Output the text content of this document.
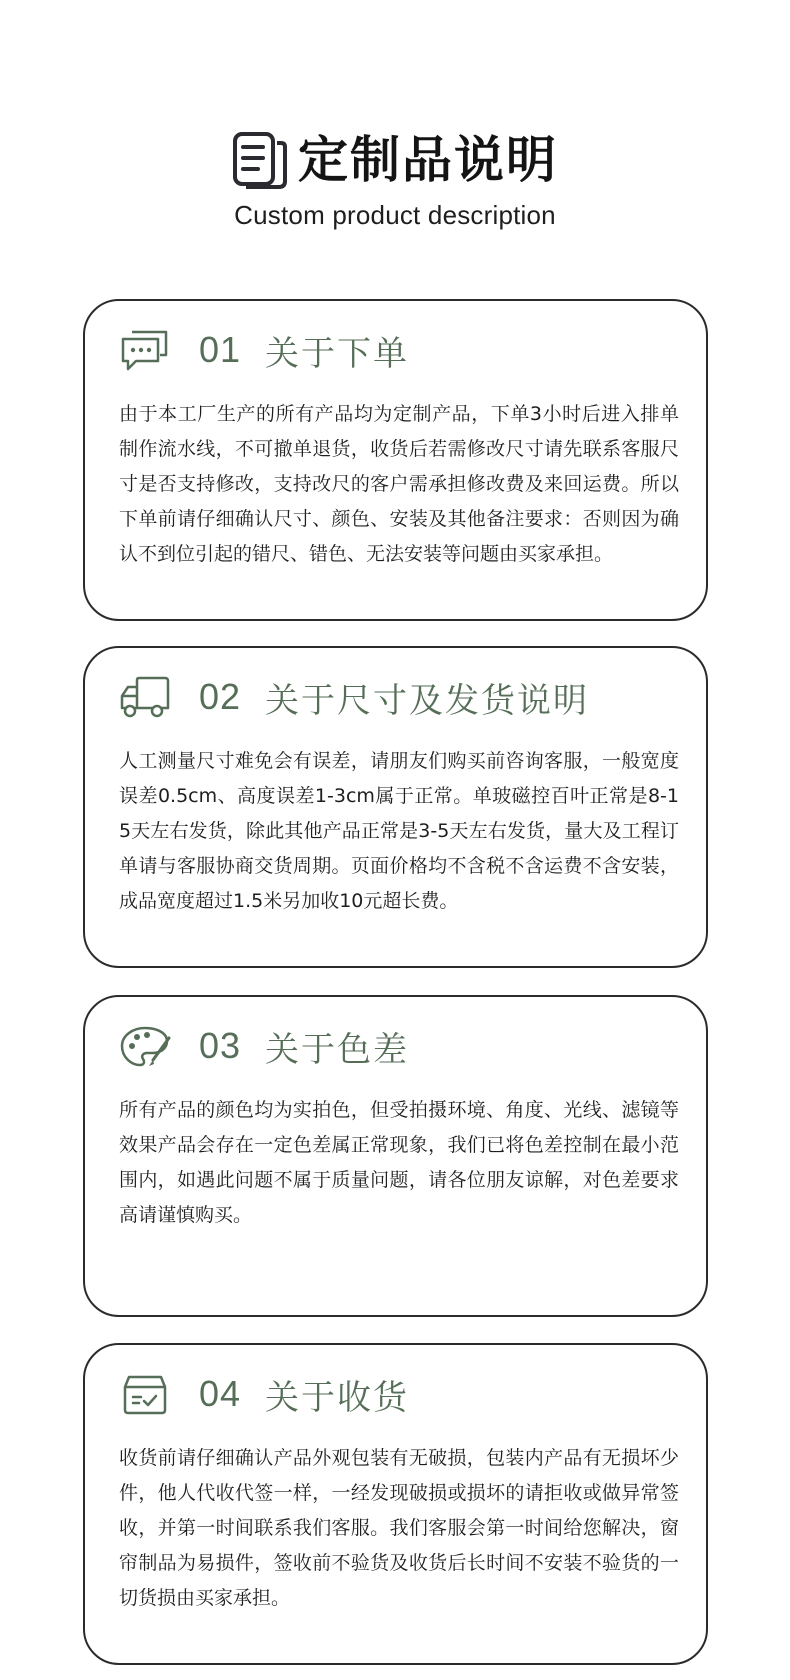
定制品说明
Custom product description
01 关于下单
由于本工厂生产的所有产品均为定制产品，下单3小时后进入排单制作流水线，不可撤单退货，收货后若需修改尺寸请先联系客服尺寸是否支持修改，支持改尺的客户需承担修改费及来回运费。所以下单前请仔细确认尺寸、颜色、安装及其他备注要求：否则因为确认不到位引起的错尺、错色、无法安装等问题由买家承担。
02 关于尺寸及发货说明
人工测量尺寸难免会有误差，请朋友们购买前咨询客服，一般宽度误差0.5cm、高度误差1-3cm属于正常。单玻磁控百叶正常是8-15天左右发货，除此其他产品正常是3-5天左右发货，量大及工程订单请与客服协商交货周期。页面价格均不含税不含运费不含安装，成品宽度超过1.5米另加收10元超长费。
03 关于色差
所有产品的颜色均为实拍色，但受拍摄环境、角度、光线、滤镜等效果产品会存在一定色差属正常现象，我们已将色差控制在最小范围内，如遇此问题不属于质量问题，请各位朋友谅解，对色差要求高请谨慎购买。
04 关于收货
收货前请仔细确认产品外观包装有无破损，包装内产品有无损坏少件，他人代收代签一样，一经发现破损或损坏的请拒收或做异常签收，并第一时间联系我们客服。我们客服会第一时间给您解决，窗帘制品为易损件，签收前不验货及收货后长时间不安装不验货的一切货损由买家承担。
